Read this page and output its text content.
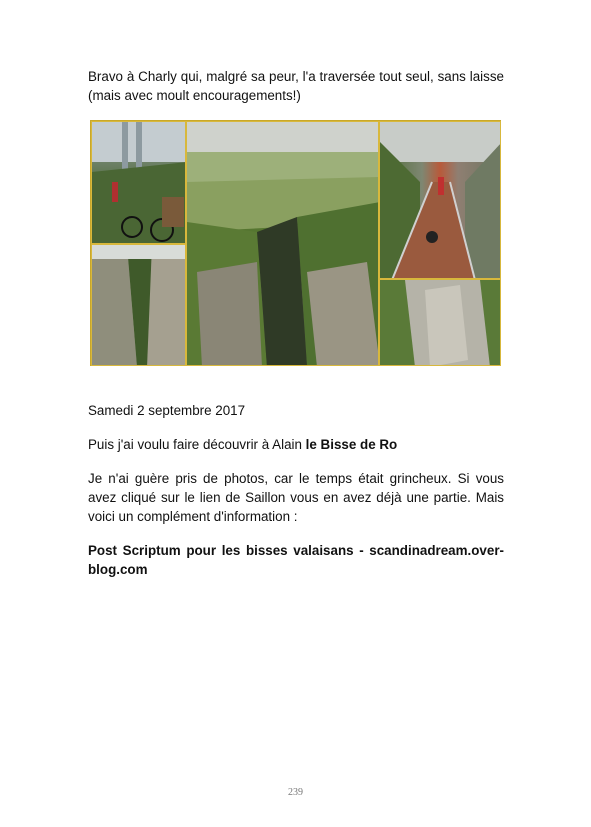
Bravo à Charly qui, malgré sa peur, l'a traversée tout seul, sans laisse (mais avec moult encouragements!)

Samedi 2 septembre 2017

Puis j'ai voulu faire découvrir à Alain le Bisse de Ro

Je n'ai guère pris de photos, car le temps était grincheux. Si vous avez cliqué sur le lien de Saillon vous en avez déjà une partie. Mais voici un complément d'information :

Post Scriptum pour les bisses valaisans - scandinadream.over-blog.com

239
